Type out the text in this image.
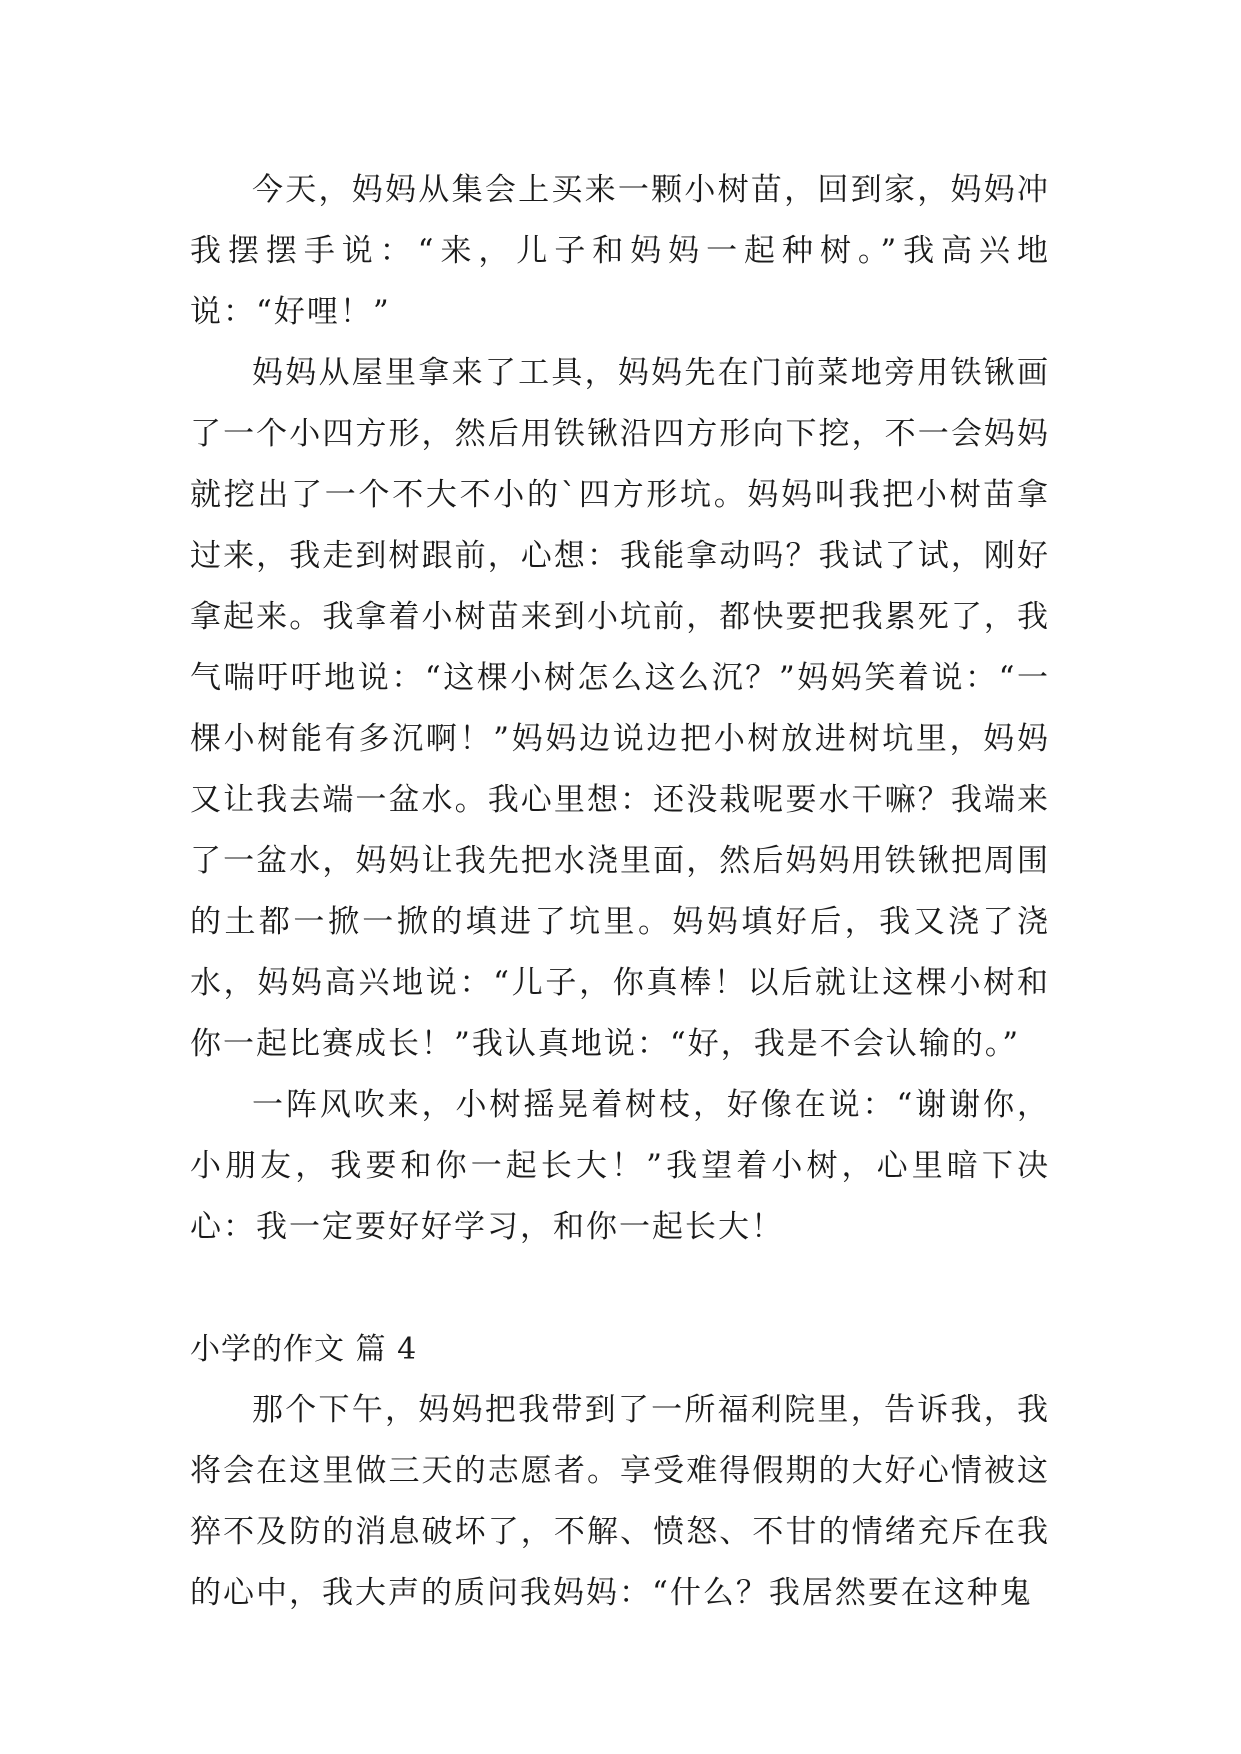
今天，妈妈从集会上买来一颗小树苗，回到家，妈妈冲我摆摆手说：“来，儿子和妈妈一起种树。”我高兴地说：“好哩！”

妈妈从屋里拿来了工具，妈妈先在门前菜地旁用铁锹画了一个小四方形，然后用铁锹沿四方形向下挖，不一会妈妈就挖出了一个不大不小的`四方形坑。妈妈叫我把小树苗拿过来，我走到树跟前，心想：我能拿动吗？我试了试，刚好拿起来。我拿着小树苗来到小坑前，都快要把我累死了，我气喘吁吁地说：“这棵小树怎么这么沉？”妈妈笑着说：“一棵小树能有多沉啊！”妈妈边说边把小树放进树坑里，妈妈又让我去端一盆水。我心里想：还没栽呢要水干嘛？我端来了一盆水，妈妈让我先把水浇里面，然后妈妈用铁锹把周围的土都一掀一掀的填进了坑里。妈妈填好后，我又浇了浇水，妈妈高兴地说：“儿子，你真棒！以后就让这棵小树和你一起比赛成长！”我认真地说：“好，我是不会认输的。”

一阵风吹来，小树摇晃着树枝，好像在说：“谢谢你，小朋友，我要和你一起长大！”我望着小树，心里暗下决心：我一定要好好学习，和你一起长大！

小学的作文 篇 4

那个下午，妈妈把我带到了一所福利院里，告诉我，我将会在这里做三天的志愿者。享受难得假期的大好心情被这猝不及防的消息破坏了，不解、愤怒、不甘的情绪充斥在我的心中，我大声的质问我妈妈：“什么？我居然要在这种鬼
